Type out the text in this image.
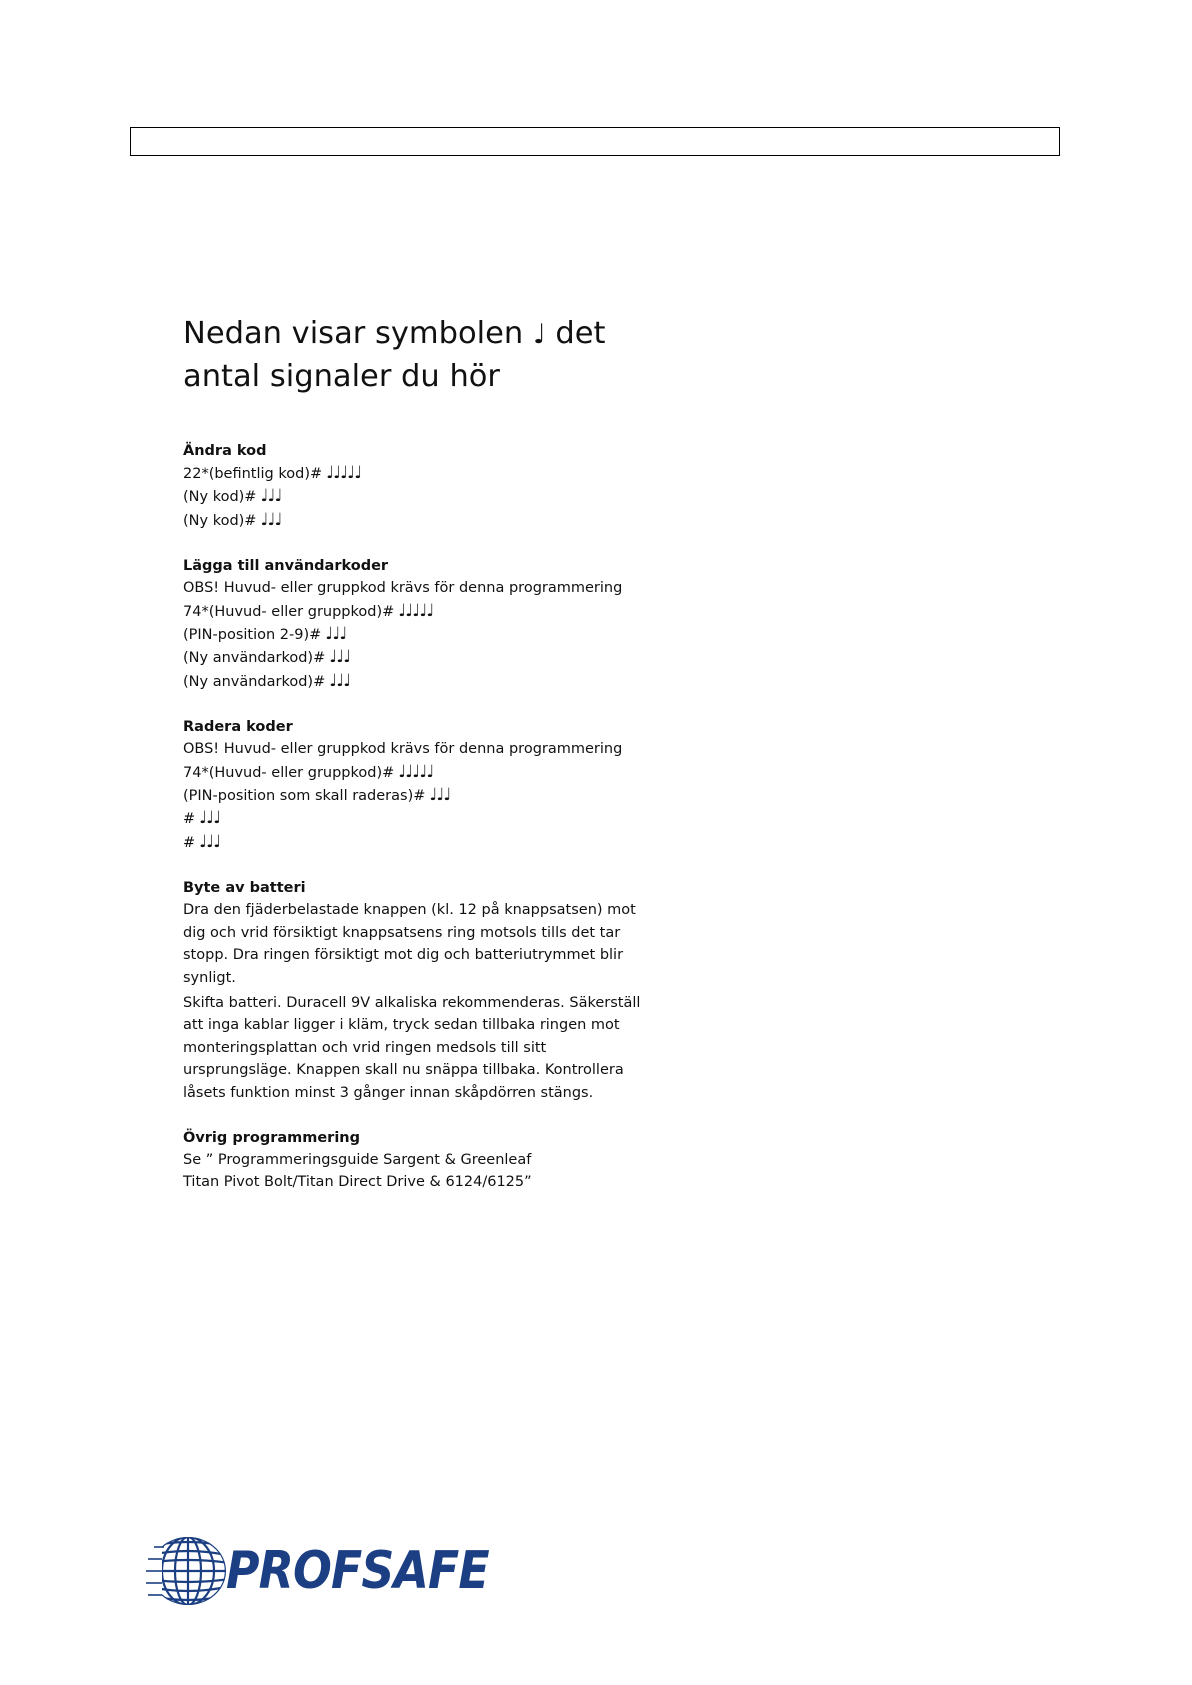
Nedan visar symbolen ♩ det
antal signaler du hör
Ändra kod
22*(befintlig kod)# ♩♩♩♩♩
(Ny kod)# ♩♩♩
(Ny kod)# ♩♩♩
Lägga till användarkoder
OBS! Huvud- eller gruppkod krävs för denna programmering
74*(Huvud- eller gruppkod)# ♩♩♩♩♩
(PIN-position 2-9)# ♩♩♩
(Ny användarkod)# ♩♩♩
(Ny användarkod)# ♩♩♩
Radera koder
OBS! Huvud- eller gruppkod krävs för denna programmering
74*(Huvud- eller gruppkod)# ♩♩♩♩♩
(PIN-position som skall raderas)# ♩♩♩
# ♩♩♩
# ♩♩♩
Byte av batteri

Dra den fjäderbelastade knappen (kl. 12 på knappsatsen) mot dig och vrid försiktigt knappsatsens ring motsols tills det tar stopp. Dra ringen försiktigt mot dig och batteriutrymmet blir synligt.

Skifta batteri. Duracell 9V alkaliska rekommenderas. Säkerställ att inga kablar ligger i kläm, tryck sedan tillbaka ringen mot monteringsplattan och vrid ringen medsols till sitt ursprungsläge. Knappen skall nu snäppa tillbaka. Kontrollera låsets funktion minst 3 gånger innan skåpdörren stängs.

Övrig programmering
Se ” Programmeringsguide Sargent & Greenleaf
Titan Pivot Bolt/Titan Direct Drive & 6124/6125”
PROFSAFE
